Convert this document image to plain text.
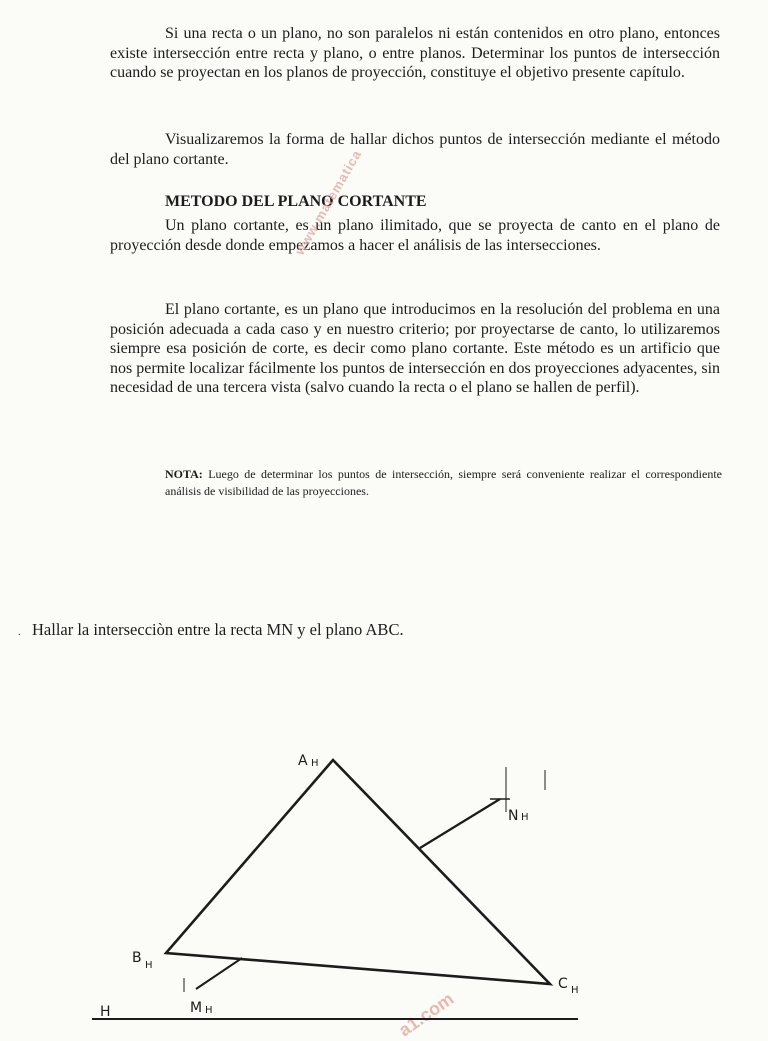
Si una recta o un plano, no son paralelos ni están contenidos en otro plano, entonces existe intersección entre recta y plano, o entre planos. Determinar los puntos de intersección cuando se proyectan en los planos de proyección, constituye el objetivo presente capítulo.

Visualizaremos la forma de hallar dichos puntos de intersección mediante el método del plano cortante.

METODO DEL PLANO CORTANTE

Un plano cortante, es un plano ilimitado, que se proyecta de canto en el plano de proyección desde donde empezamos a hacer el análisis de las intersecciones.

El plano cortante, es un plano que introducimos en la resolución del problema en una posición adecuada a cada caso y en nuestro criterio; por proyectarse de canto, lo utilizaremos siempre esa posición de corte, es decir como plano cortante. Este método es un artificio que nos permite localizar fácilmente los puntos de intersección en dos proyecciones adyacentes, sin necesidad de una tercera vista (salvo cuando la recta o el plano se hallen de perfil).

NOTA: Luego de determinar los puntos de intersección, siempre será conveniente realizar el correspondiente análisis de visibilidad de las proyecciones.

. Hallar la intersecciòn entre la recta MN y el plano ABC.

www.matematica
a1.com
A H
B H
C H
N H
M H
H
